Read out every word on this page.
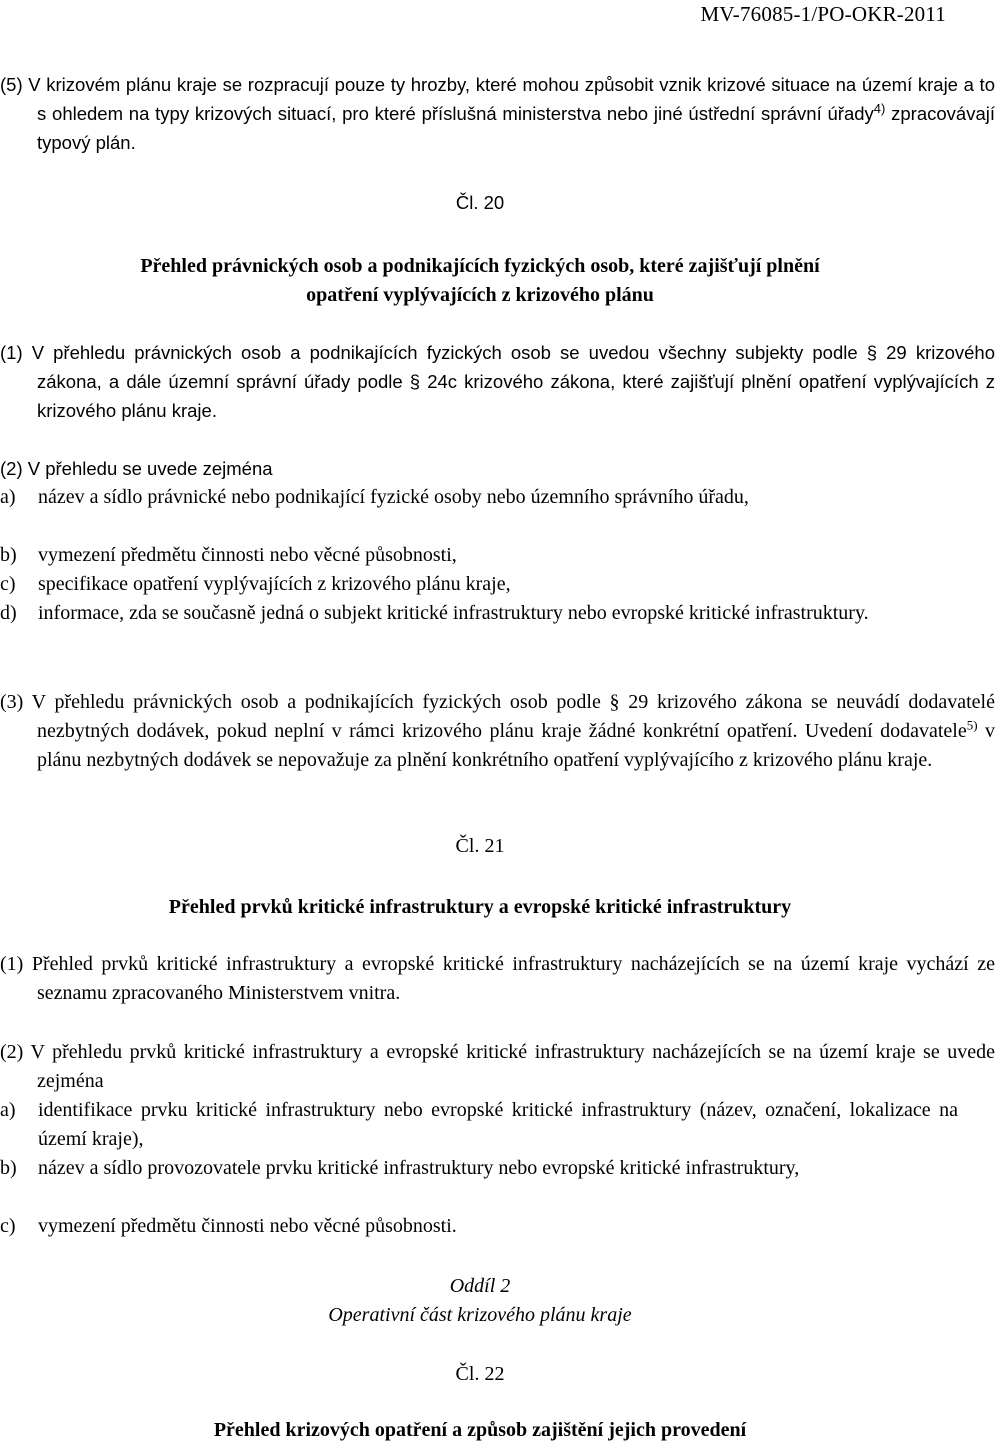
MV-76085-1/PO-OKR-2011
(5) V krizovém plánu kraje se rozpracují pouze ty hrozby, které mohou způsobit vznik krizové situace na území kraje a to s ohledem na typy krizových situací, pro které příslušná ministerstva nebo jiné ústřední správní úřady$^{4)}$ zpracovávají typový plán.
Čl. 20
Přehled právnických osob a podnikajících fyzických osob, které zajišťují plnění
opatření vyplývajících z krizového plánu
(1) V přehledu právnických osob a podnikajících fyzických osob se uvedou všechny subjekty podle § 29 krizového zákona, a dále územní správní úřady podle § 24c krizového zákona, které zajišťují plnění opatření vyplývajících z krizového plánu kraje.
(2) V přehledu se uvede zejména
a) název a sídlo právnické nebo podnikající fyzické osoby nebo územního správního úřadu,
b) vymezení předmětu činnosti nebo věcné působnosti,
c) specifikace opatření vyplývajících z krizového plánu kraje,
d) informace, zda se současně jedná o subjekt kritické infrastruktury nebo evropské kritické infrastruktury.
(3) V přehledu právnických osob a podnikajících fyzických osob podle § 29 krizového zákona se neuvádí dodavatelé nezbytných dodávek, pokud neplní v rámci krizového plánu kraje žádné konkrétní opatření. Uvedení dodavatele$^{5)}$ v plánu nezbytných dodávek se nepovažuje za plnění konkrétního opatření vyplývajícího z krizového plánu kraje.
Čl. 21
Přehled prvků kritické infrastruktury a evropské kritické infrastruktury
(1) Přehled prvků kritické infrastruktury a evropské kritické infrastruktury nacházejících se na území kraje vychází ze seznamu zpracovaného Ministerstvem vnitra.
(2) V přehledu prvků kritické infrastruktury a evropské kritické infrastruktury nacházejících se na území kraje se uvede zejména
a) identifikace prvku kritické infrastruktury nebo evropské kritické infrastruktury (název, označení, lokalizace na území kraje),
b) název a sídlo provozovatele prvku kritické infrastruktury nebo evropské kritické infrastruktury,
c) vymezení předmětu činnosti nebo věcné působnosti.
Oddíl 2
Operativní část krizového plánu kraje
Čl. 22
Přehled krizových opatření a způsob zajištění jejich provedení
